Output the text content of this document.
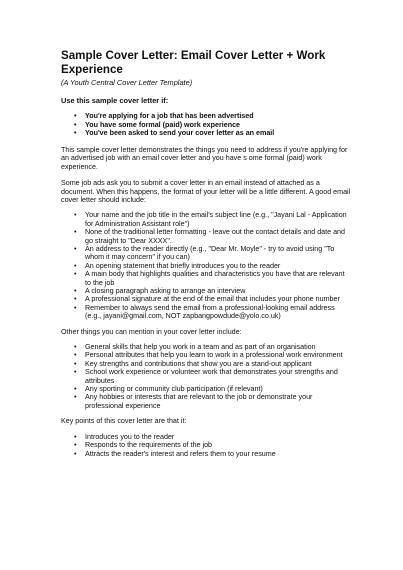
Sample Cover Letter: Email Cover Letter + Work Experience

(A Youth Central Cover Letter Template)

Use this sample cover letter if:

• You're applying for a job that has been advertised
• You have some formal (paid) work experience
• You've been asked to send your cover letter as an email

This sample cover letter demonstrates the things you need to address if you're applying for an advertised job with an email cover letter and you have s ome formal (paid) work experience.

Some job ads ask you to submit a cover letter in an email instead of attached as a document. When this happens, the format of your letter will be a little different. A good email cover letter should include:

• Your name and the job title in the email's subject line (e.g., "Jayani Lal - Application for Administration Assistant role")
• None of the traditional letter formatting - leave out the contact details and date and go straight to "Dear XXXX".
• An address to the reader directly (e.g., "Dear Mr. Moyle" - try to avoid using "To whom it may concern" if you can)
• An opening statement that briefly introduces you to the reader
• A main body that highlights qualities and characteristics you have that are relevant to the job
• A closing paragraph asking to arrange an interview
• A professional signature at the end of the email that includes your phone number
• Remember to always send the email from a professional-looking email address (e.g., jayani@gmail.com, NOT zapbangpowdude@yolo.co.uk)

Other things you can mention in your cover letter include:

• General skills that help you work in a team and as part of an organisation
• Personal attributes that help you learn to work in a professional work environment
• Key strengths and contributions that show you are a stand-out applicant
• School work experience or volunteer work that demonstrates your strengths and attributes
• Any sporting or community club participation (if relevant)
• Any hobbies or interests that are relevant to the job or demonstrate your professional experience

Key points of this cover letter are that it:

• Introduces you to the reader
• Responds to the requirements of the job
• Attracts the reader's interest and refers them to your resume
